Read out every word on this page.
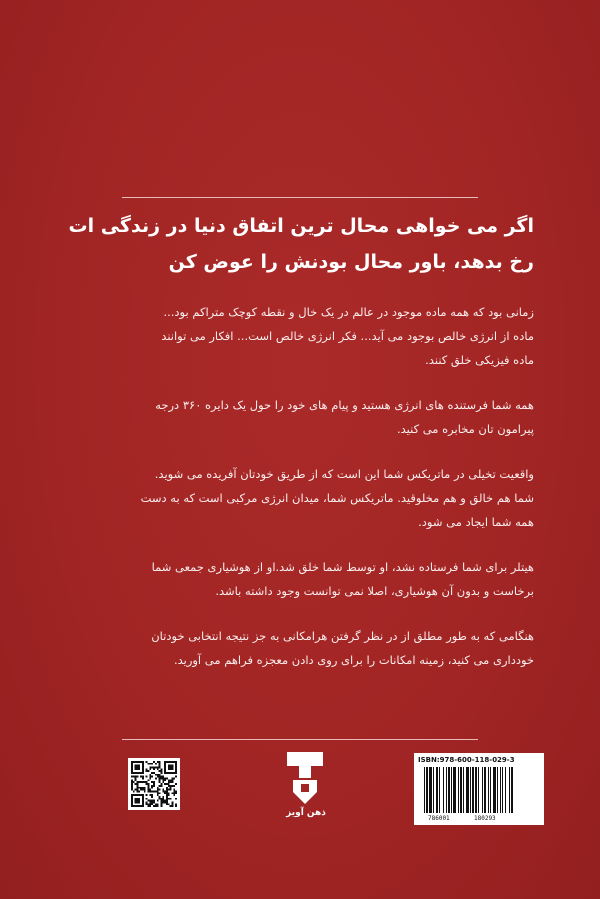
اگر می خواهی محال ترین اتفاق دنیا در زندگی ات
رخ بدهد، باور محال بودنش را عوض کن
زمانی بود که همه ماده موجود در عالم در یک خال و نقطه کوچک متراکم بود...
ماده از انرژی خالص بوجود می آید... فکر انرژی خالص است... افکار می توانند
ماده فیزیکی خلق کنند.
همه شما فرستنده های انرژی هستید و پیام های خود را حول یک دایره ۳۶۰ درجه
پیرامون تان مخابره می کنید.
واقعیت تخیلی در ماتریکس شما این است که از طریق خودتان آفریده می شوید.
شما هم خالق و هم مخلوقید. ماتریکس شما، میدان انرژی مرکبی است که به دست
همه شما ایجاد می شود.
هیتلر برای شما فرستاده نشد، او توسط شما خلق شد.او از هوشیاری جمعی شما
برخاست و بدون آن هوشیاری، اصلا نمی توانست وجود داشته باشد.
هنگامی که به طور مطلق از در نظر گرفتن هرامکانی به جز نتیجه انتخابی خودتان
خودداری می کنید، زمینه امکانات را برای روی دادن معجزه فراهم می آورید.
ذهن آویز
ISBN:978-600-118-029-3
786001	180293
